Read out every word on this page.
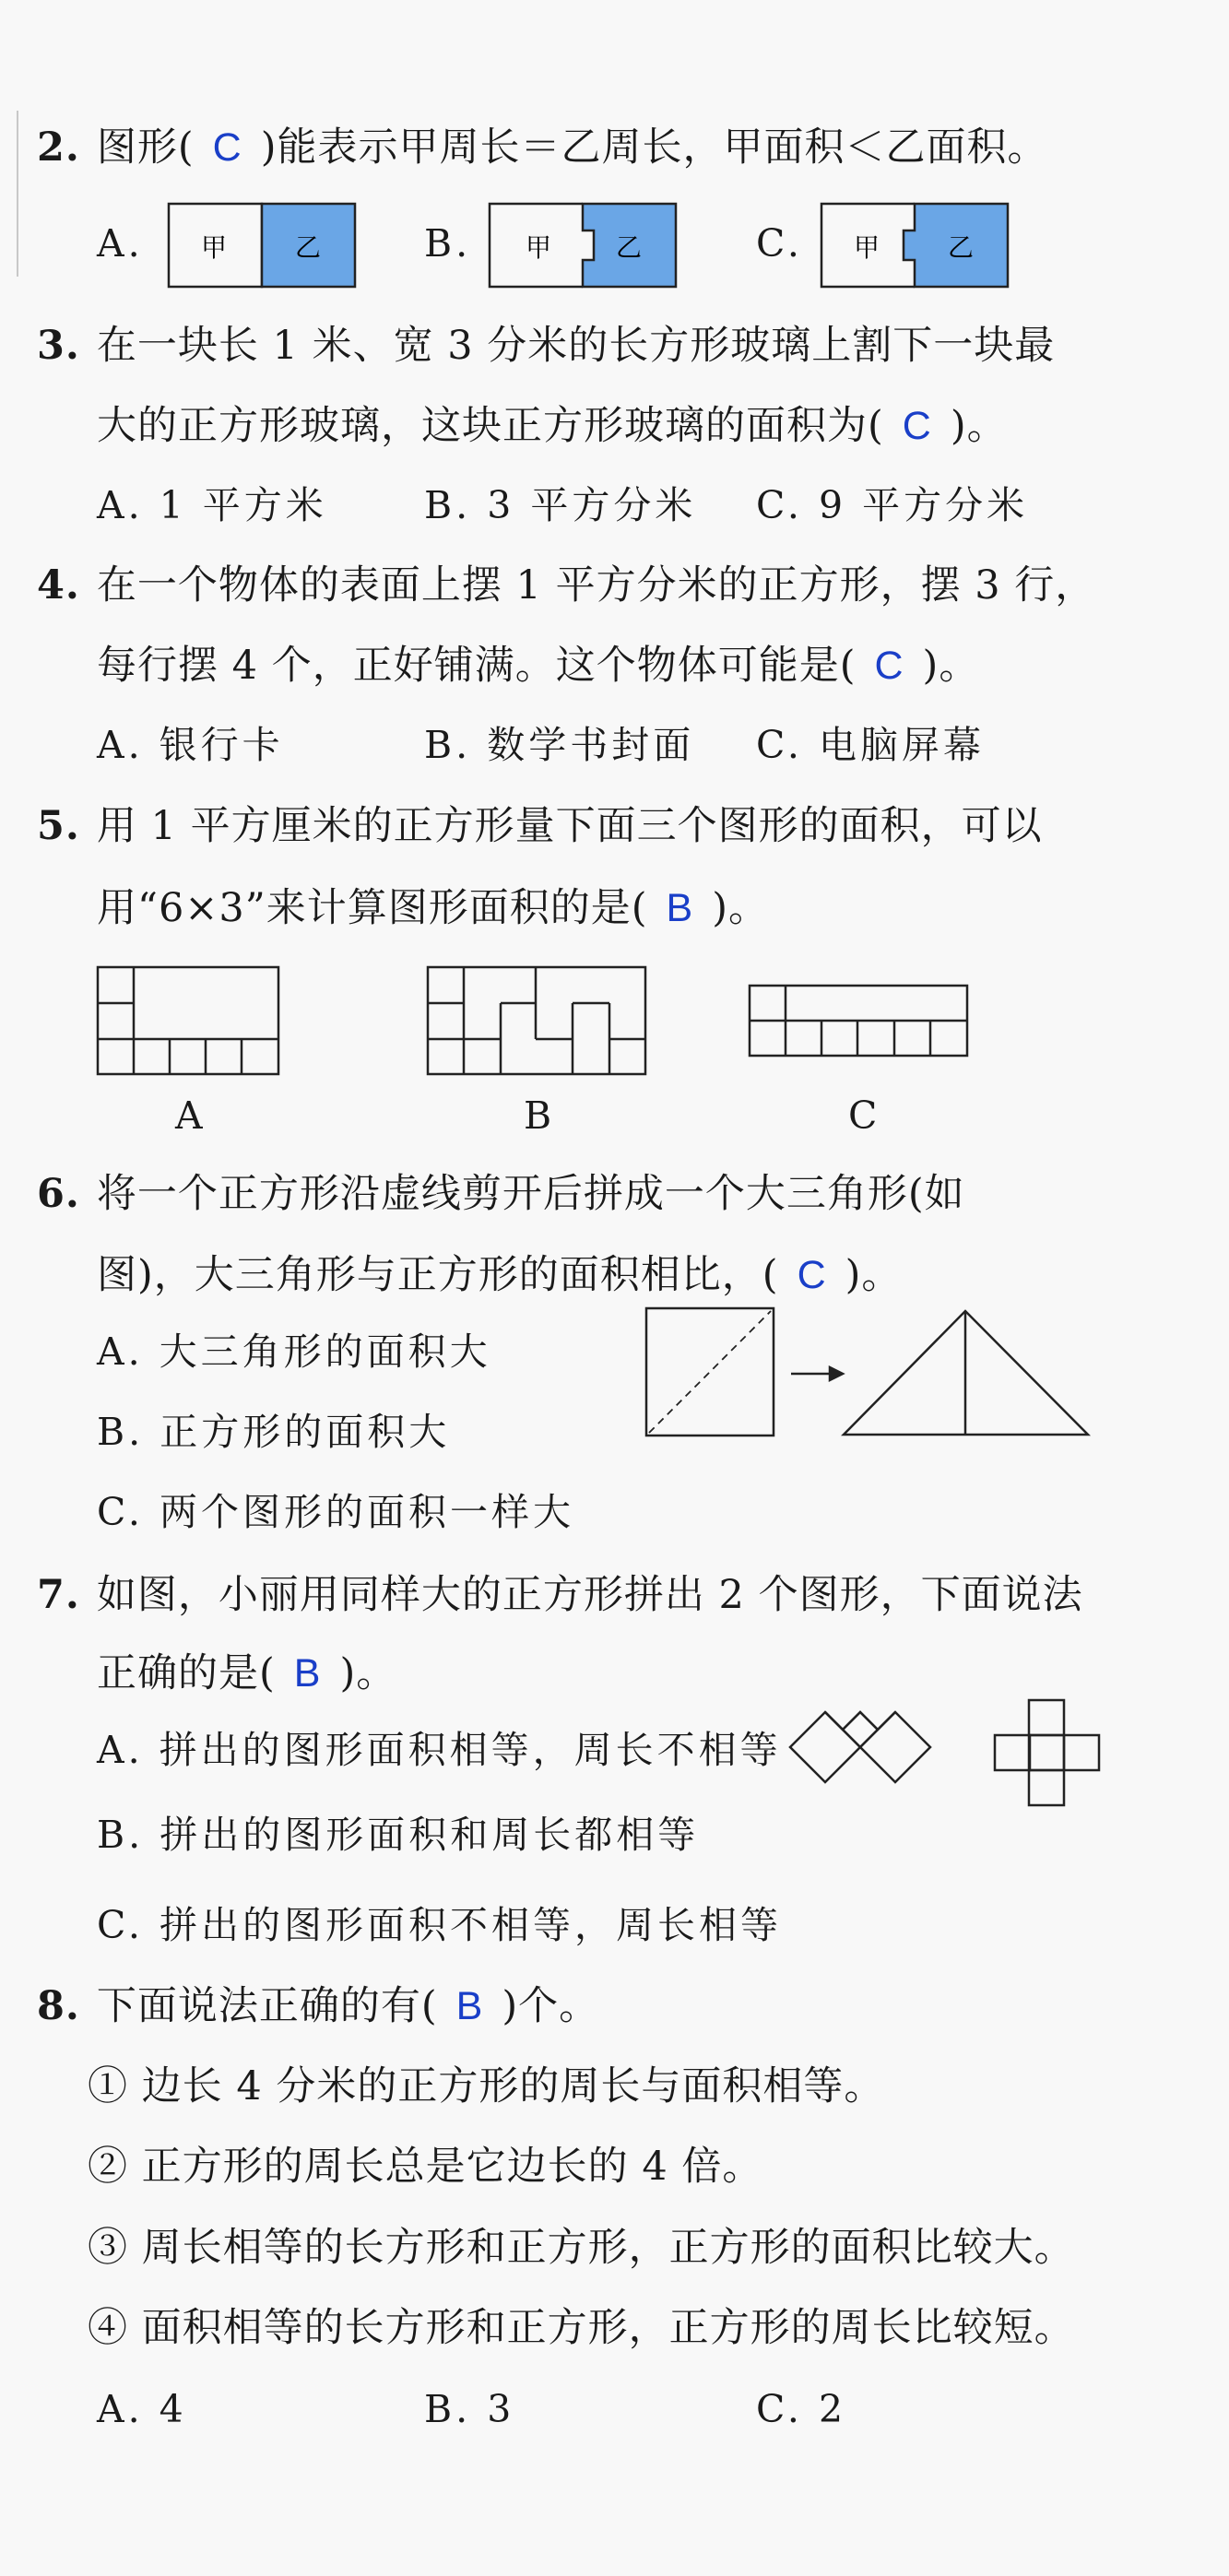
2. 图形( C )能表示甲周长＝乙周长，甲面积＜乙面积。
A. 甲	乙	B. 甲 乙	C. 甲	乙
3. 在一块长 1 米、宽 3 分米的长方形玻璃上割下一块最
大的正方形玻璃，这块正方形玻璃的面积为( C )。
A. 1 平方米	B. 3 平方分米 C. 9 平方分米
4. 在一个物体的表面上摆 1 平方分米的正方形，摆 3 行，
每行摆 4 个，正好铺满。这个物体可能是( C )。
A. 银行卡	B. 数学书封面 C. 电脑屏幕
5. 用 1 平方厘米的正方形量下面三个图形的面积，可以
用“6×3”来计算图形面积的是( B )。
A	B	C
6. 将一个正方形沿虚线剪开后拼成一个大三角形(如
图)，大三角形与正方形的面积相比，( C )。
A. 大三角形的面积大
B. 正方形的面积大
C. 两个图形的面积一样大
7. 如图，小丽用同样大的正方形拼出 2 个图形，下面说法
正确的是( B )。
A. 拼出的图形面积相等，周长不相等
B. 拼出的图形面积和周长都相等
C. 拼出的图形面积不相等，周长相等
8. 下面说法正确的有( B )个。
① 边长 4 分米的正方形的周长与面积相等。
② 正方形的周长总是它边长的 4 倍。
③ 周长相等的长方形和正方形，正方形的面积比较大。
④ 面积相等的长方形和正方形，正方形的周长比较短。
A. 4	B. 3	C. 2
